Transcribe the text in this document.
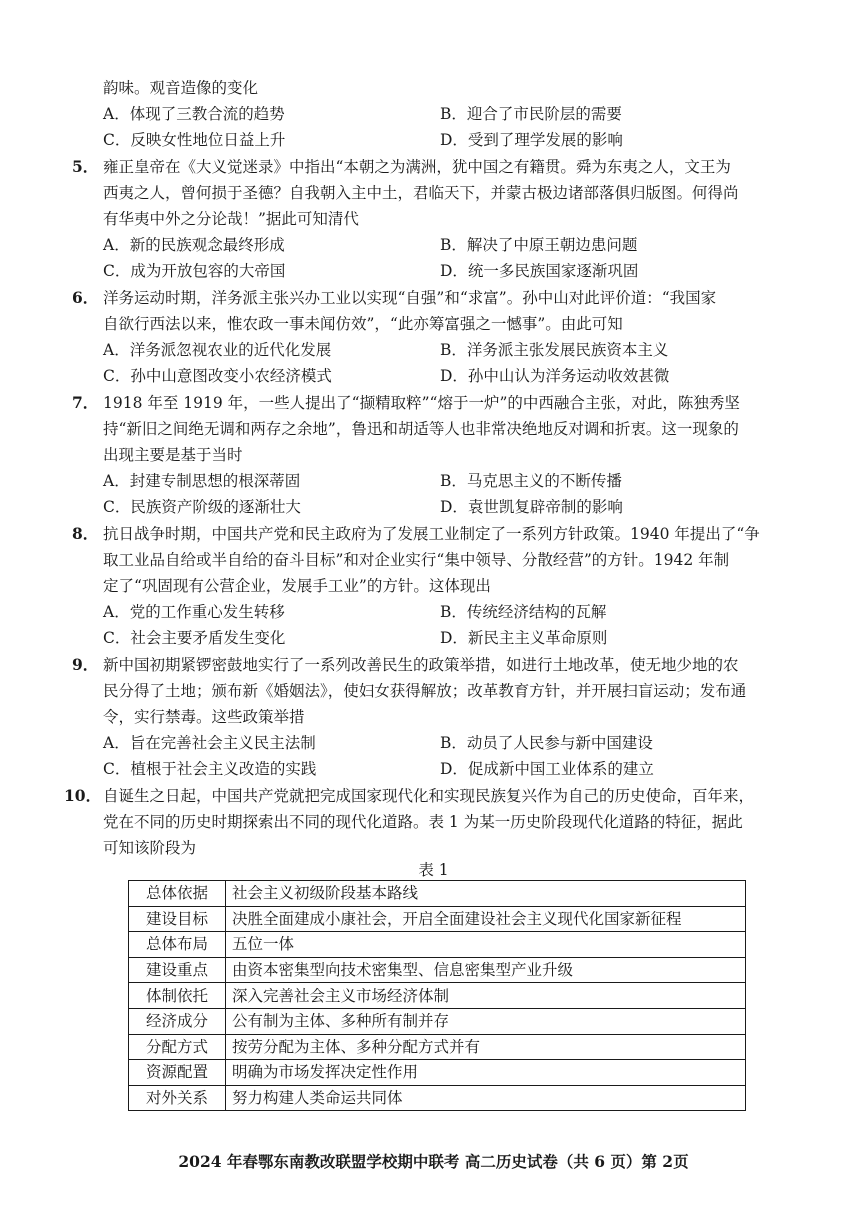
韵味。观音造像的变化
A．体现了三教合流的趋势	B．迎合了市民阶层的需要
C．反映女性地位日益上升	D．受到了理学发展的影响
5． 雍正皇帝在《大义觉迷录》中指出“本朝之为满洲，犹中国之有籍贯。舜为东夷之人，文王为
西夷之人，曾何损于圣德？自我朝入主中土，君临天下，并蒙古极边诸部落俱归版图。何得尚
有华夷中外之分论哉！”据此可知清代
A．新的民族观念最终形成	B．解决了中原王朝边患问题
C．成为开放包容的大帝国	D．统一多民族国家逐渐巩固
6． 洋务运动时期，洋务派主张兴办工业以实现“自强”和“求富”。孙中山对此评价道：“我国家
自欲行西法以来，惟农政一事未闻仿效”，“此亦筹富强之一憾事”。由此可知
A．洋务派忽视农业的近代化发展	B．洋务派主张发展民族资本主义
C．孙中山意图改变小农经济模式	D．孙中山认为洋务运动收效甚微
7． 1918 年至 1919 年，一些人提出了“撷精取粹”“熔于一炉”的中西融合主张，对此，陈独秀坚
持“新旧之间绝无调和两存之余地”，鲁迅和胡适等人也非常决绝地反对调和折衷。这一现象的
出现主要是基于当时
A．封建专制思想的根深蒂固	B．马克思主义的不断传播
C．民族资产阶级的逐渐壮大	D．袁世凯复辟帝制的影响
8． 抗日战争时期，中国共产党和民主政府为了发展工业制定了一系列方针政策。1940 年提出了“争
取工业品自给或半自给的奋斗目标”和对企业实行“集中领导、分散经营”的方针。1942 年制
定了“巩固现有公营企业，发展手工业”的方针。这体现出
A．党的工作重心发生转移	B．传统经济结构的瓦解
C．社会主要矛盾发生变化	D．新民主主义革命原则
9． 新中国初期紧锣密鼓地实行了一系列改善民生的政策举措，如进行土地改革，使无地少地的农
民分得了土地；颁布新《婚姻法》，使妇女获得解放；改革教育方针，并开展扫盲运动；发布通
令，实行禁毒。这些政策举措
A．旨在完善社会主义民主法制	B．动员了人民参与新中国建设
C．植根于社会主义改造的实践	D．促成新中国工业体系的建立
10． 自诞生之日起，中国共产党就把完成国家现代化和实现民族复兴作为自己的历史使命，百年来，
党在不同的历史时期探索出不同的现代化道路。表 1 为某一历史阶段现代化道路的特征，据此
可知该阶段为
表 1
总体依据	社会主义初级阶段基本路线
建设目标	决胜全面建成小康社会，开启全面建设社会主义现代化国家新征程
总体布局	五位一体
建设重点	由资本密集型向技术密集型、信息密集型产业升级
体制依托	深入完善社会主义市场经济体制
经济成分	公有制为主体、多种所有制并存
分配方式	按劳分配为主体、多种分配方式并有
资源配置	明确为市场发挥决定性作用
对外关系	努力构建人类命运共同体
2024 年春鄂东南教改联盟学校期中联考 高二历史试卷（共 6 页）第 2页
